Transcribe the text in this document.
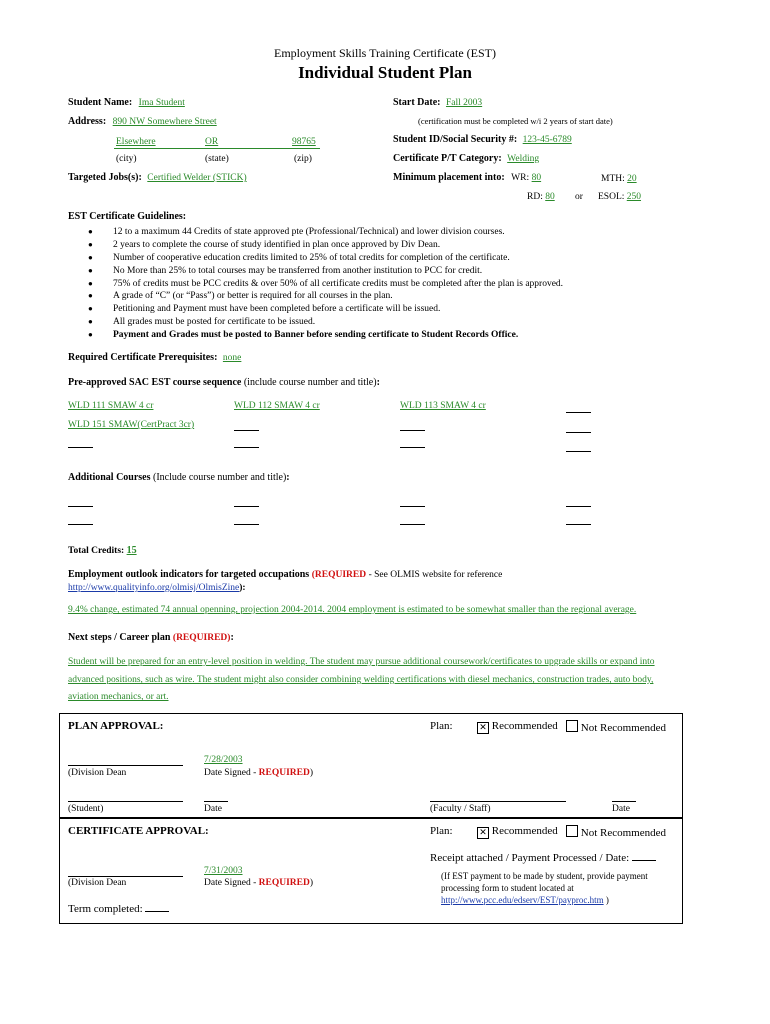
Employment Skills Training Certificate (EST)
Individual Student Plan
Student Name: Ima Student	Start Date: Fall 2003
(certification must be completed w/i 2 years of start date)
Address: 890 NW Somewhere Street
Elsewhere	OR	98765
(city)	(state)	(zip)
Student ID/Social Security #: 123-45-6789
Certificate P/T Category: Welding
Targeted Jobs(s): Certified Welder (STICK)	Minimum placement into: WR: 80	MTH: 20
RD: 80 or ESOL: 250
EST Certificate Guidelines:
● 12 to a maximum 44 Credits of state approved pte (Professional/Technical) and lower division courses.
● 2 years to complete the course of study identified in plan once approved by Div Dean.
● Number of cooperative education credits limited to 25% of total credits for completion of the certificate.
● No More than 25% to total courses may be transferred from another institution to PCC for credit.
● 75% of credits must be PCC credits & over 50% of all certificate credits must be completed after the plan is approved.
● A grade of “C” (or “Pass”) or better is required for all courses in the plan.
● Petitioning and Payment must have been completed before a certificate will be issued.
● All grades must be posted for certificate to be issued.
● Payment and Grades must be posted to Banner before sending certificate to Student Records Office.
Required Certificate Prerequisites: none
Pre-approved SAC EST course sequence (include course number and title):
WLD 111 SMAW 4 cr	WLD 112 SMAW 4 cr	WLD 113 SMAW 4 cr
WLD 151 SMAW(CertPract 3cr)
Additional Courses (Include course number and title):
Total Credits: 15
Employment outlook indicators for targeted occupations (REQUIRED - See OLMIS website for reference
http://www.qualityinfo.org/olmisj/OlmisZine):
9.4% change, estimated 74 annual openning, projection 2004-2014. 2004 employment is estimated to be somewhat smaller than the regional average.
Next steps / Career plan (REQUIRED):
Student will be prepared for an entry-level position in welding. The student may pursue additional coursework/certificates to upgrade skills or expand into
advanced positions, such as wire. The student might also consider combining welding certifications with diesel mechanics, construction trades, auto body,
aviation mechanics, or art.
PLAN APPROVAL:	Plan:	✕ Recommended	Not Recommended
(Division Dean
7/28/2003
Date Signed - REQUIRED)
(Student)	Date	(Faculty / Staff)	Date
CERTIFICATE APPROVAL:	Plan:	✕ Recommended	Not Recommended
Receipt attached / Payment Processed / Date:
(Division Dean
7/31/2003
Date Signed - REQUIRED)
(If EST payment to be made by student, provide payment
processing form to student located at
http://www.pcc.edu/edserv/EST/payproc.htm )
Term completed:
